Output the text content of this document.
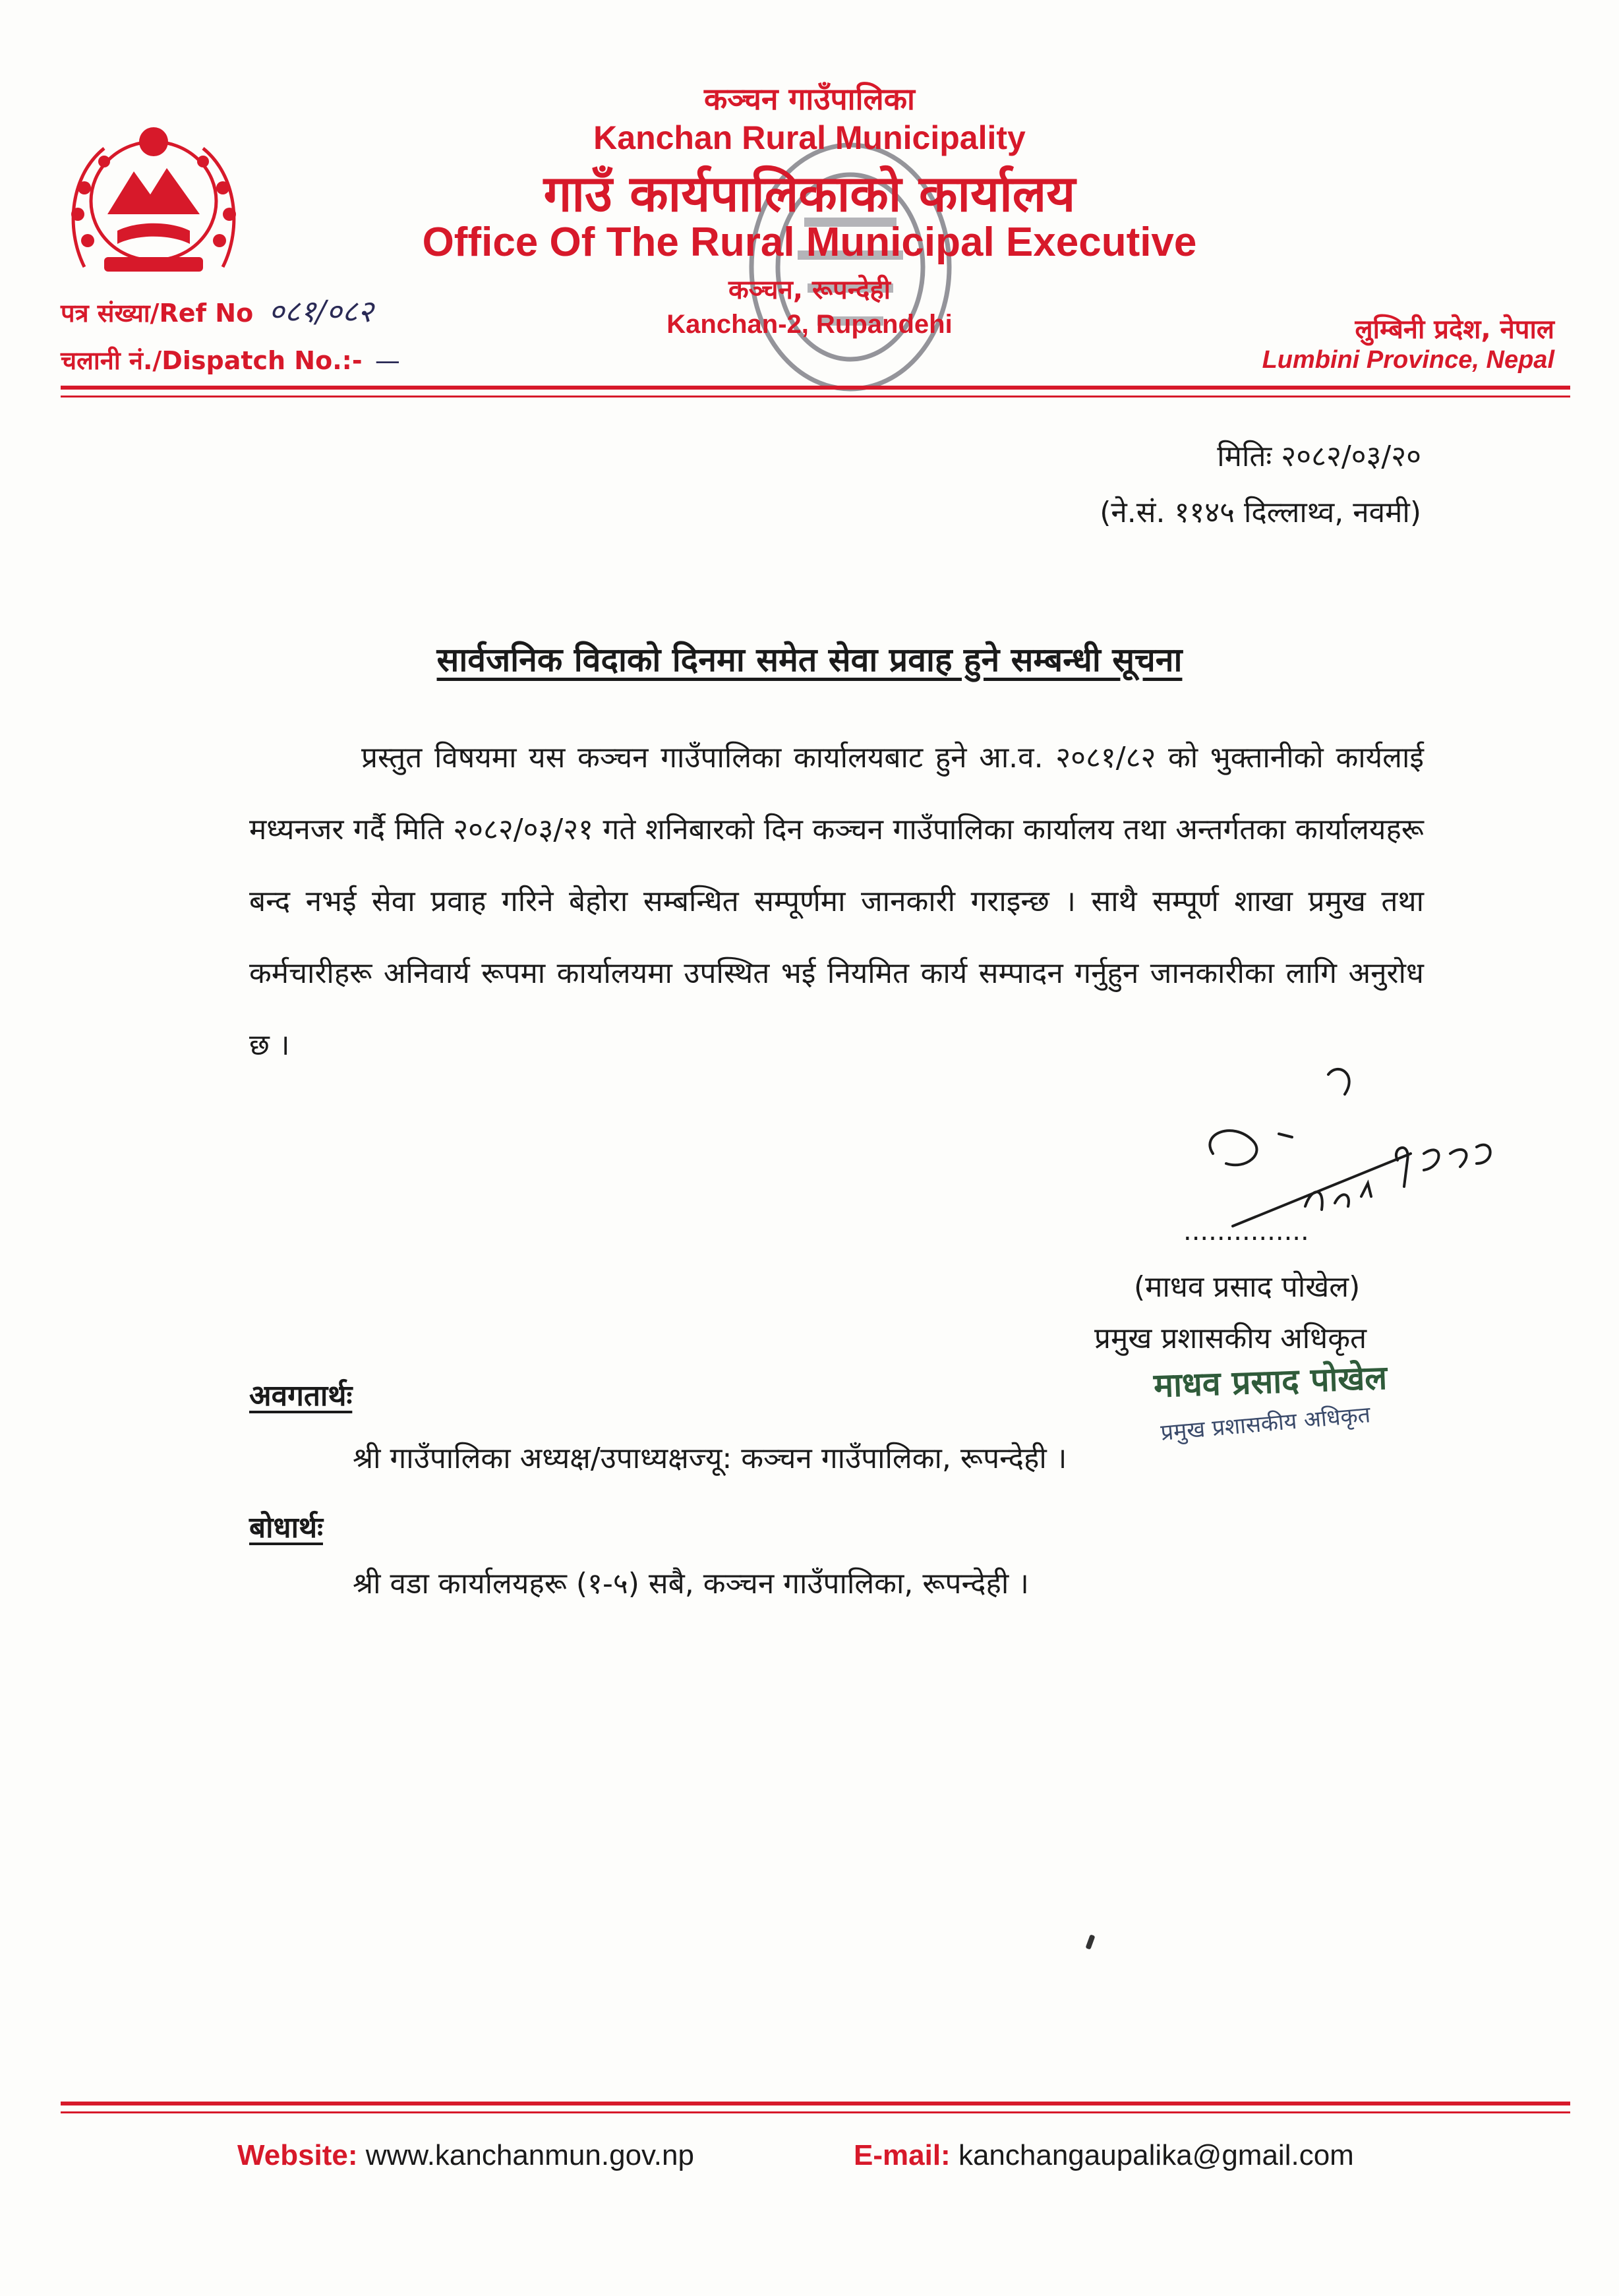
कञ्चन गाउँपालिका
Kanchan Rural Municipality
गाउँ कार्यपालिकाको कार्यालय
Office Of The Rural Municipal Executive
कञ्चन, रूपन्देही
Kanchan-2, Rupandehi
पत्र संख्या/Ref No ०८१/०८२
चलानी नं./Dispatch No.:- —
लुम्बिनी प्रदेश, नेपाल
Lumbini Province, Nepal
मितिः २०८२/०३/२०
(ने.सं. ११४५ दिल्लाथ्व, नवमी)
सार्वजनिक विदाको दिनमा समेत सेवा प्रवाह हुने सम्बन्धी सूचना
प्रस्तुत विषयमा यस कञ्चन गाउँपालिका कार्यालयबाट हुने आ.व. २०८१/८२ को भुक्तानीको कार्यलाई मध्यनजर गर्दै मिति २०८२/०३/२१ गते शनिबारको दिन कञ्चन गाउँपालिका कार्यालय तथा अन्तर्गतका कार्यालयहरू बन्द नभई सेवा प्रवाह गरिने बेहोरा सम्बन्धित सम्पूर्णमा जानकारी गराइन्छ । साथै सम्पूर्ण शाखा प्रमुख तथा कर्मचारीहरू अनिवार्य रूपमा कार्यालयमा उपस्थित भई नियमित कार्य सम्पादन गर्नुहुन जानकारीका लागि अनुरोध छ ।
...............
(माधव प्रसाद पोखेल)
प्रमुख प्रशासकीय अधिकृत
माधव प्रसाद पोखेल
प्रमुख प्रशासकीय अधिकृत
अवगतार्थः
श्री गाउँपालिका अध्यक्ष/उपाध्यक्षज्यू: कञ्चन गाउँपालिका, रूपन्देही ।
बोधार्थः
श्री वडा कार्यालयहरू (१-५) सबै, कञ्चन गाउँपालिका, रूपन्देही ।
Website: www.kanchanmun.gov.np	E-mail: kanchangaupalika@gmail.com
